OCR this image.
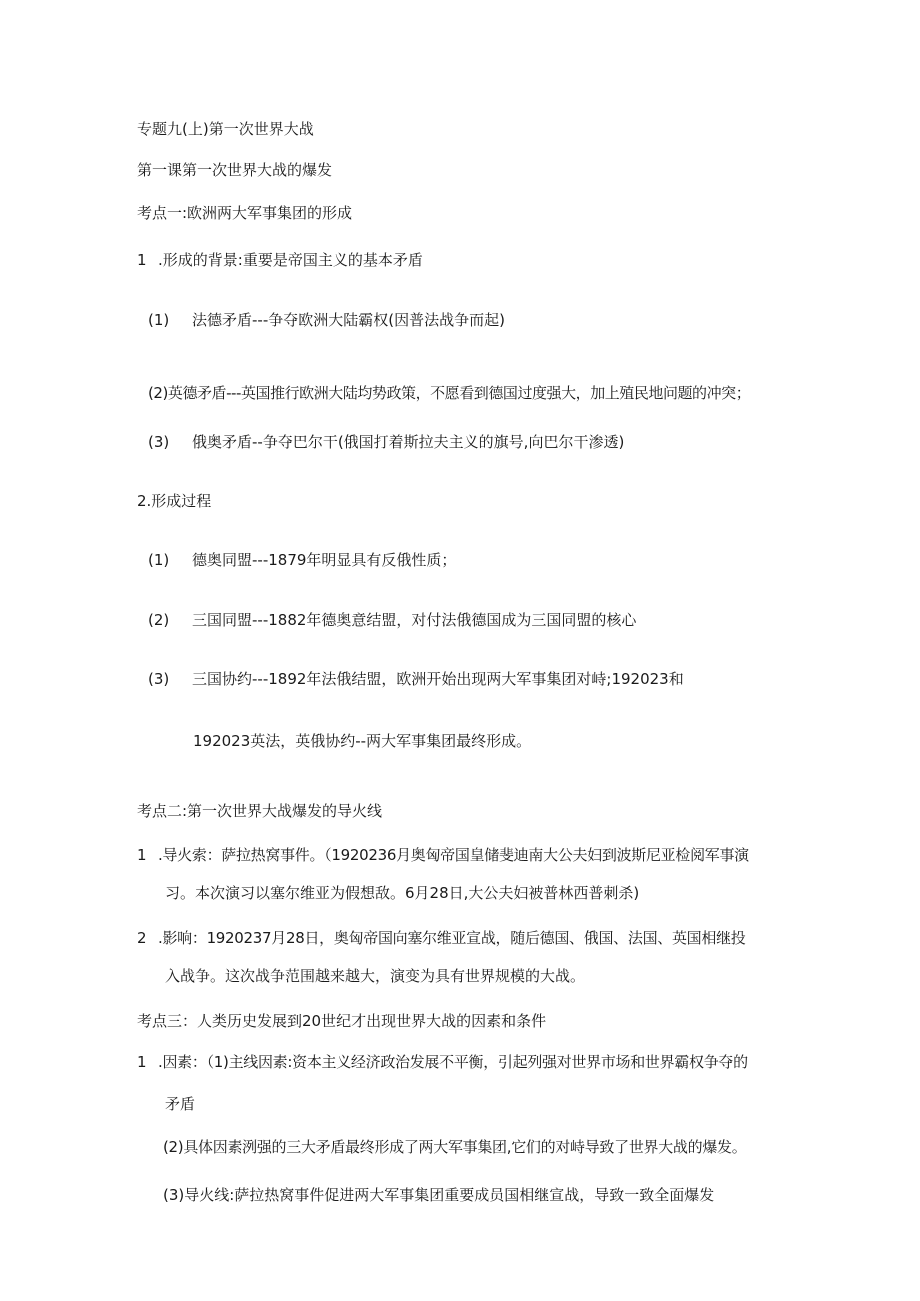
专题九(上)第一次世界大战
第一课第一次世界大战的爆发
考点一:欧洲两大军事集团的形成
1 .形成的背景:重要是帝国主义的基本矛盾
(1) 法德矛盾---争夺欧洲大陆霸权(因普法战争而起)
(2)英德矛盾---英国推行欧洲大陆均势政策，不愿看到德国过度强大，加上殖民地问题的冲突；
(3) 俄奥矛盾--争夺巴尔干(俄国打着斯拉夫主义的旗号,向巴尔干渗透)
2.形成过程
(1) 德奥同盟---1879年明显具有反俄性质；
(2) 三国同盟---1882年德奥意结盟，对付法俄德国成为三国同盟的核心
(3) 三国协约---1892年法俄结盟，欧洲开始出现两大军事集团对峙;192023和
192023英法，英俄协约--两大军事集团最终形成。
考点二:第一次世界大战爆发的导火线
1 .导火索：萨拉热窝事件。（1920236月奥匈帝国皇储斐迪南大公夫妇到波斯尼亚检阅军事演
习。本次演习以塞尔维亚为假想敌。6月28日,大公夫妇被普林西普刺杀)
2 .影响：1920237月28日，奥匈帝国向塞尔维亚宣战，随后德国、俄国、法国、英国相继投
入战争。这次战争范围越来越大，演变为具有世界规模的大战。
考点三：人类历史发展到20世纪才出现世界大战的因素和条件
1 .因素：（1)主线因素:资本主义经济政治发展不平衡，引起列强对世界市场和世界霸权争夺的
矛盾
(2)具体因素洌强的三大矛盾最终形成了两大军事集团,它们的对峙导致了世界大战的爆发。
(3)导火线:萨拉热窝事件促进两大军事集团重要成员国相继宣战，导致一致全面爆发
